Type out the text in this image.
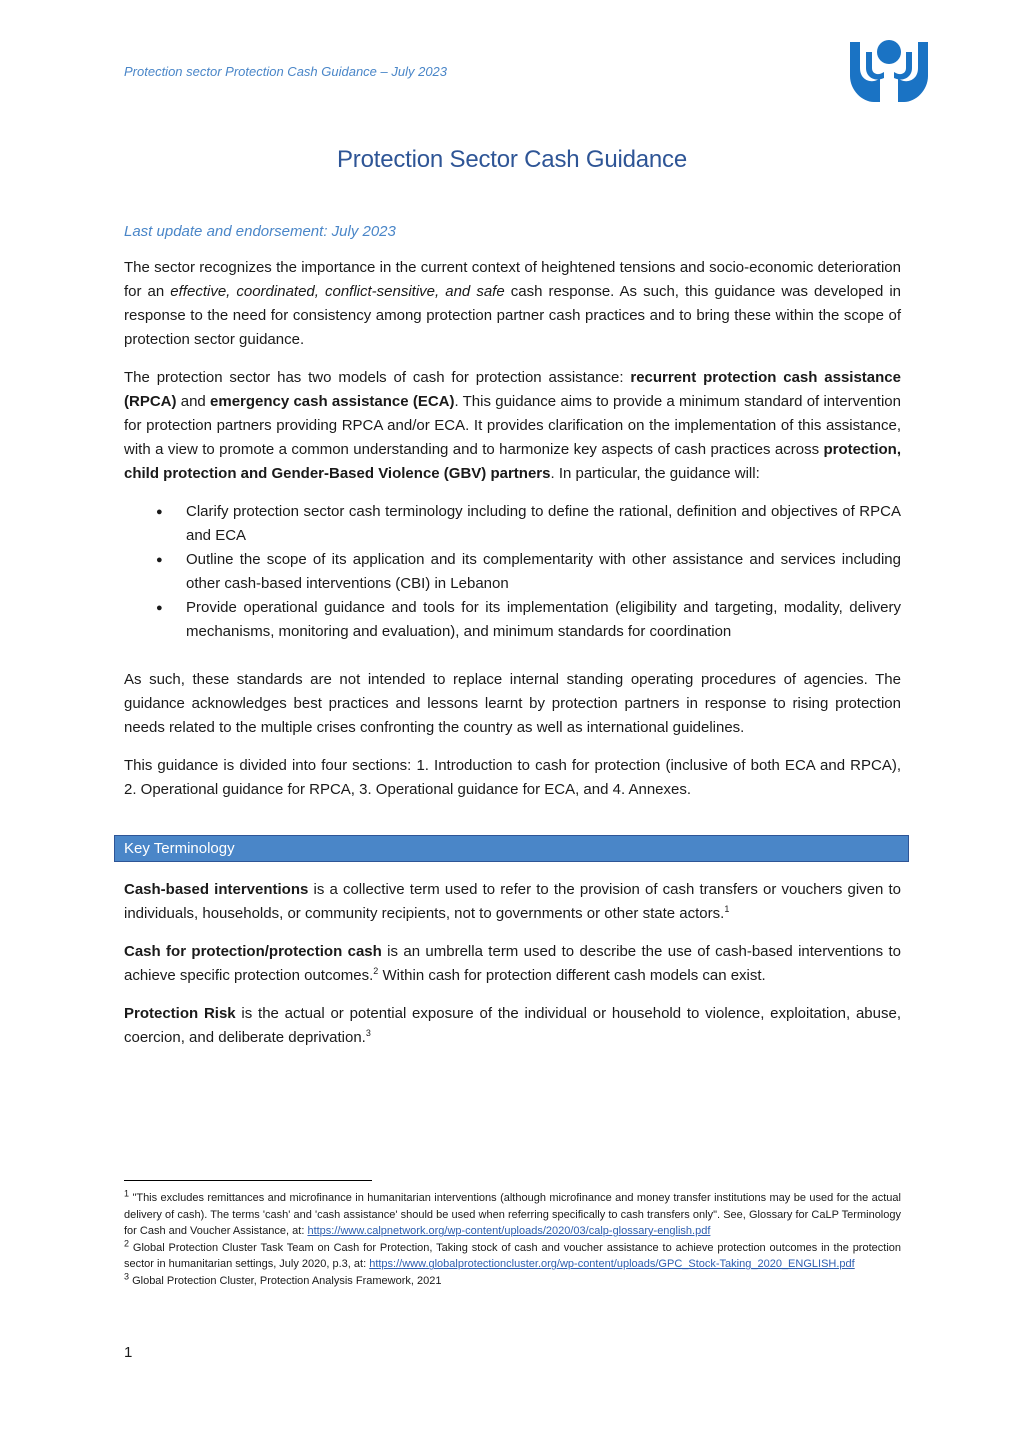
Protection sector Protection Cash Guidance – July 2023
Protection Sector Cash Guidance

Last update and endorsement: July 2023

The sector recognizes the importance in the current context of heightened tensions and socio-economic deterioration for an effective, coordinated, conflict-sensitive, and safe cash response. As such, this guidance was developed in response to the need for consistency among protection partner cash practices and to bring these within the scope of protection sector guidance.

The protection sector has two models of cash for protection assistance: recurrent protection cash assistance (RPCA) and emergency cash assistance (ECA). This guidance aims to provide a minimum standard of intervention for protection partners providing RPCA and/or ECA. It provides clarification on the implementation of this assistance, with a view to promote a common understanding and to harmonize key aspects of cash practices across protection, child protection and Gender-Based Violence (GBV) partners. In particular, the guidance will:

● Clarify protection sector cash terminology including to define the rational, definition and objectives of RPCA and ECA
● Outline the scope of its application and its complementarity with other assistance and services including other cash-based interventions (CBI) in Lebanon
● Provide operational guidance and tools for its implementation (eligibility and targeting, modality, delivery mechanisms, monitoring and evaluation), and minimum standards for coordination

As such, these standards are not intended to replace internal standing operating procedures of agencies. The guidance acknowledges best practices and lessons learnt by protection partners in response to rising protection needs related to the multiple crises confronting the country as well as international guidelines.

This guidance is divided into four sections: 1. Introduction to cash for protection (inclusive of both ECA and RPCA), 2. Operational guidance for RPCA, 3. Operational guidance for ECA, and 4. Annexes.

Key Terminology

Cash-based interventions is a collective term used to refer to the provision of cash transfers or vouchers given to individuals, households, or community recipients, not to governments or other state actors.$^1$

Cash for protection/protection cash is an umbrella term used to describe the use of cash-based interventions to achieve specific protection outcomes.$^2$ Within cash for protection different cash models can exist.

Protection Risk is the actual or potential exposure of the individual or household to violence, exploitation, abuse, coercion, and deliberate deprivation.$^3$

$^1$ "This excludes remittances and microfinance in humanitarian interventions (although microfinance and money transfer institutions may be used for the actual delivery of cash). The terms 'cash' and 'cash assistance' should be used when referring specifically to cash transfers only". See, Glossary for CaLP Terminology for Cash and Voucher Assistance, at: https://www.calpnetwork.org/wp-content/uploads/2020/03/calp-glossary-english.pdf

$^2$ Global Protection Cluster Task Team on Cash for Protection, Taking stock of cash and voucher assistance to achieve protection outcomes in the protection sector in humanitarian settings, July 2020, p.3, at: https://www.globalprotectioncluster.org/wp-content/uploads/GPC_Stock-Taking_2020_ENGLISH.pdf

$^3$ Global Protection Cluster, Protection Analysis Framework, 2021

1
